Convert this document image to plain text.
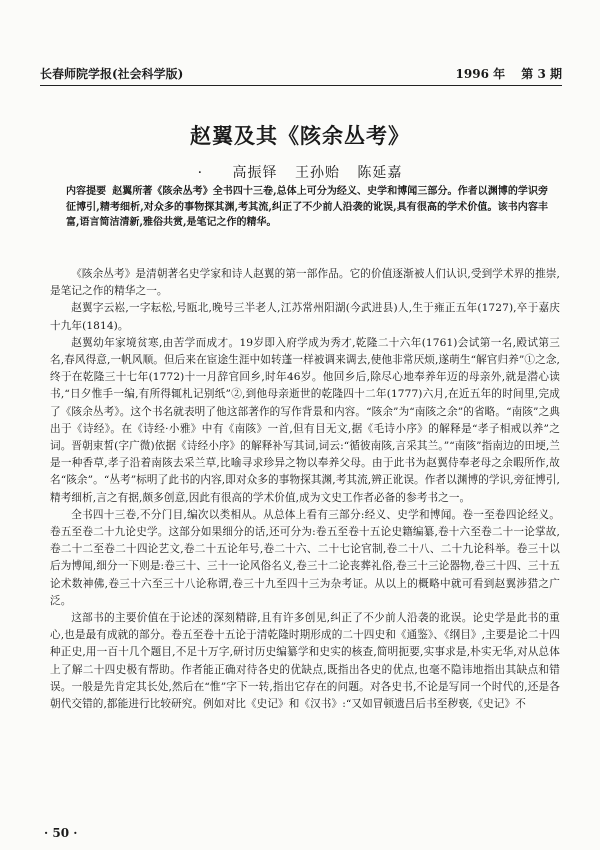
长春师院学报(社会科学版)	1996 年 第 3 期
赵翼及其《陔余丛考》
· 高振铎 王孙贻 陈延嘉
内容提要 赵翼所著《陔余丛考》全书四十三卷,总体上可分为经义、史学和博闻三部分。作者以渊博的学识旁征博引,精考细析,对众多的事物探其渊,考其流,纠正了不少前人沿袭的讹误,具有很高的学术价值。该书内容丰富,语言简洁清新,雅俗共赏,是笔记之作的精华。

《陔余丛考》是清朝著名史学家和诗人赵翼的第一部作品。它的价值逐渐被人们认识,受到学术界的推崇,是笔记之作的精华之一。

赵翼字云崧,一字耘松,号瓯北,晚号三半老人,江苏常州阳湖(今武进县)人,生于雍正五年(1727),卒于嘉庆十九年(1814)。

赵翼幼年家境贫寒,由苦学而成才。19岁即入府学成为秀才,乾隆二十六年(1761)会试第一名,殿试第三名,春风得意,一帆风顺。但后来在宦途生涯中如转蓬一样被调来调去,使他非常厌烦,遂萌生“解官归养”①之念,终于在乾隆三十七年(1772)十一月辞官回乡,时年46岁。他回乡后,除尽心地奉养年迈的母亲外,就是潜心读书,“日夕惟手一编,有所得辄札记别纸”②,到他母亲逝世的乾隆四十二年(1777)六月,在近五年的时间里,完成了《陔余丛考》。这个书名就表明了他这部著作的写作背景和内容。“陔余”为“南陔之余”的省略。“南陔”之典出于《诗经》。在《诗经·小雅》中有《南陔》一首,但有目无文,据《毛诗小序》的解释是“孝子相戒以养”之词。晋朝束皙(字广微)依据《诗经小序》的解释补写其词,词云:“循彼南陔,言采其兰。”“南陔”指南边的田埂,兰是一种香草,孝子沿着南陔去采兰草,比喻寻求珍异之物以奉养父母。由于此书为赵翼侍奉老母之余暇所作,故名“陔余”。“丛考”标明了此书的内容,即对众多的事物探其渊,考其流,辨正讹误。作者以渊博的学识,旁征博引,精考细析,言之有据,颇多创意,因此有很高的学术价值,成为文史工作者必备的参考书之一。

全书四十三卷,不分门目,编次以类相从。从总体上看有三部分:经义、史学和博闻。卷一至卷四论经义。卷五至卷二十九论史学。这部分如果细分的话,还可分为:卷五至卷十五论史籍编纂,卷十六至卷二十一论掌故,卷二十二至卷二十四论艺文,卷二十五论年号,卷二十六、二十七论官制,卷二十八、二十九论科举。卷三十以后为博闻,细分一下则是:卷三十、三十一论风俗名义,卷三十二论丧葬礼俗,卷三十三论器物,卷三十四、三十五论术数神佛,卷三十六至三十八论称谓,卷三十九至四十三为杂考证。从以上的概略中就可看到赵翼涉猎之广泛。

这部书的主要价值在于论述的深刻精辟,且有许多创见,纠正了不少前人沿袭的讹误。论史学是此书的重心,也是最有成就的部分。卷五至卷十五论于清乾隆时期形成的二十四史和《通鉴》、《纲目》,主要是论二十四种正史,用一百十几个题目,不足十万字,研讨历史编纂学和史实的核查,简明扼要,实事求是,朴实无华,对从总体上了解二十四史极有帮助。作者能正确对待各史的优缺点,既指出各史的优点,也毫不隐讳地指出其缺点和错误。一般是先肯定其长处,然后在“惟”字下一转,指出它存在的问题。对各史书,不论是写同一个时代的,还是各朝代交错的,都能进行比较研究。例如对比《史记》和《汉书》:“又如冒顿遗吕后书至秽亵,《史记》不

· 50 ·
